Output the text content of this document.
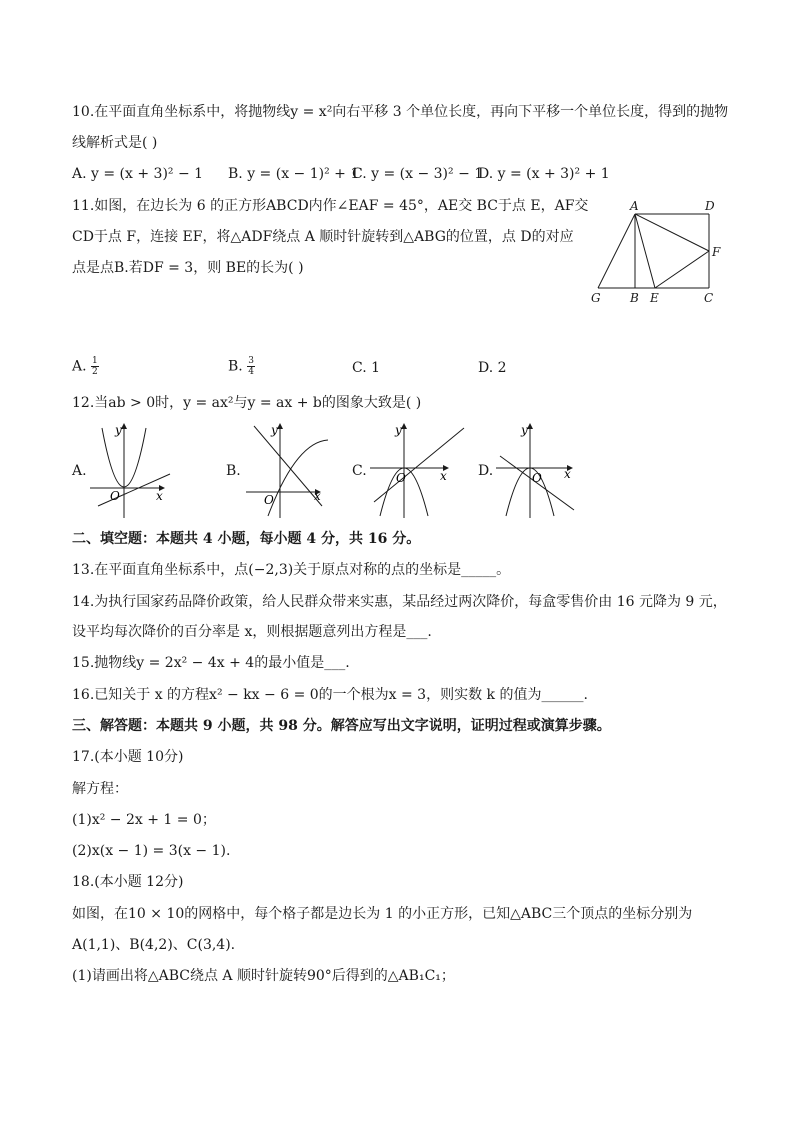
10.在平面直角坐标系中，将抛物线y = x²向右平移 3 个单位长度，再向下平移一个单位长度，得到的抛物
线解析式是( )
A. y = (x + 3)² − 1 B. y = (x − 1)² + 1
C. y = (x − 3)² − 1
D. y = (x + 3)² + 1
11.如图，在边长为 6 的正方形ABCD内作∠EAF = 45°，AE交 BC于点 E，AF交
CD于点 F，连接 EF，将△ADF绕点 A 顺时针旋转到△ABG的位置，点 D的对应
点是点B.若DF = 3，则 BE的长为( )
A	D
F
G B E	C
A. $\frac{1}{2}$	B. $\frac{3}{4}$	C. 1	D. 2
12.当ab > 0时，y = ax²与y = ax + b的图象大致是( )
A.
y
O	x
B.
y
O	x
C.
y
O	x D.
y
O x
二、填空题：本题共 4 小题，每小题 4 分，共 16 分。
13.在平面直角坐标系中，点(−2,3)关于原点对称的点的坐标是_____。
14.为执行国家药品降价政策，给人民群众带来实惠，某品经过两次降价，每盒零售价由 16 元降为 9 元，
设平均每次降价的百分率是 x，则根据题意列出方程是___.
15.抛物线y = 2x² − 4x + 4的最小值是___.
16.已知关于 x 的方程x² − kx − 6 = 0的一个根为x = 3，则实数 k 的值为______.
三、解答题：本题共 9 小题，共 98 分。解答应写出文字说明，证明过程或演算步骤。
17.(本小题 10分)
解方程：
(1)x² − 2x + 1 = 0；
(2)x(x − 1) = 3(x − 1).
18.(本小题 12分)
如图，在10 × 10的网格中，每个格子都是边长为 1 的小正方形，已知△ABC三个顶点的坐标分别为
A(1,1)、B(4,2)、C(3,4).
(1)请画出将△ABC绕点 A 顺时针旋转90°后得到的△AB₁C₁；
